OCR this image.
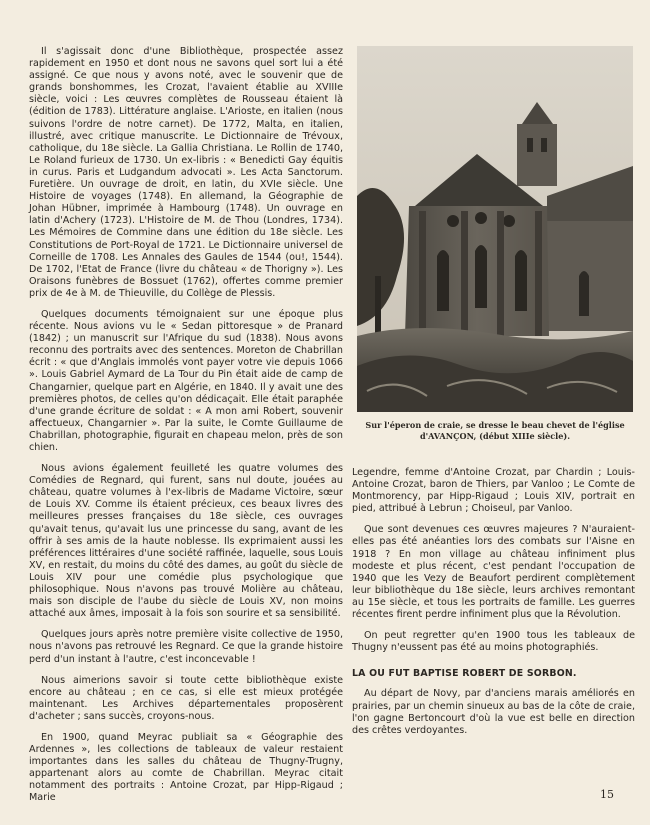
Il s'agissait donc d'une Bibliothèque, prospectée assez rapidement en 1950 et dont nous ne savons quel sort lui a été assigné. Ce que nous y avons noté, avec le souvenir que de grands bonshommes, les Crozat, l'avaient établie au XVIIIe siècle, voici : Les œuvres complètes de Rousseau étaient là (édition de 1783). Littérature anglaise. L'Arioste, en italien (nous suivons l'ordre de notre carnet). De 1772, Malta, en italien, illustré, avec critique manuscrite. Le Dictionnaire de Trévoux, catholique, du 18e siècle. La Gallia Christiana. Le Rollin de 1740, Le Roland furieux de 1730. Un ex-libris : « Benedicti Gay équitis in curus. Paris et Ludgandum advocati ». Les Acta Sanctorum. Furetière. Un ouvrage de droit, en latin, du XVIe siècle. Une Histoire de voyages (1748). En allemand, la Géographie de Johan Hübner, imprimée à Hambourg (1748). Un ouvrage en latin d'Achery (1723). L'Histoire de M. de Thou (Londres, 1734). Les Mémoires de Commine dans une édition du 18e siècle. Les Constitutions de Port-Royal de 1721. Le Dictionnaire universel de Corneille de 1708. Les Annales des Gaules de 1544 (ou!, 1544). De 1702, l'Etat de France (livre du château « de Thorigny »). Les Oraisons funèbres de Bossuet (1762), offertes comme premier prix de 4e à M. de Thieuville, du Collège de Plessis.

Quelques documents témoignaient sur une époque plus récente. Nous avions vu le « Sedan pittoresque » de Pranard (1842) ; un manuscrit sur l'Afrique du sud (1838). Nous avons reconnu des portraits avec des sentences. Moreton de Chabrillan écrit : « que d'Anglais immolés vont payer votre vie depuis 1066 ». Louis Gabriel Aymard de La Tour du Pin était aide de camp de Changarnier, quelque part en Algérie, en 1840. Il y avait une des premières photos, de celles qu'on dédicaçait. Elle était paraphée d'une grande écriture de soldat : « A mon ami Robert, souvenir affectueux, Changarnier ». Par la suite, le Comte Guillaume de Chabrillan, photographie, figurait en chapeau melon, près de son chien.

Nous avions également feuilleté les quatre volumes des Comédies de Regnard, qui furent, sans nul doute, jouées au château, quatre volumes à l'ex-libris de Madame Victoire, sœur de Louis XV. Comme ils étaient précieux, ces beaux livres des meilleures presses françaises du 18e siècle, ces ouvrages qu'avait tenus, qu'avait lus une princesse du sang, avant de les offrir à ses amis de la haute noblesse. Ils exprimaient aussi les préférences littéraires d'une société raffinée, laquelle, sous Louis XV, en restait, du moins du côté des dames, au goût du siècle de Louis XIV pour une comédie plus psychologique que philosophique. Nous n'avons pas trouvé Molière au château, mais son disciple de l'aube du siècle de Louis XV, non moins attaché aux âmes, imposait à la fois son sourire et sa sensibilité.

Quelques jours après notre première visite collective de 1950, nous n'avons pas retrouvé les Regnard. Ce que la grande histoire perd d'un instant à l'autre, c'est inconcevable !

Nous aimerions savoir si toute cette bibliothèque existe encore au château ; en ce cas, si elle est mieux protégée maintenant. Les Archives départementales proposèrent d'acheter ; sans succès, croyons-nous.

En 1900, quand Meyrac publiait sa « Géographie des Ardennes », les collections de tableaux de valeur restaient importantes dans les salles du château de Thugny-Trugny, appartenant alors au comte de Chabrillan. Meyrac citait notamment des portraits : Antoine Crozat, par Hipp-Rigaud ; Marie

Sur l'éperon de craie, se dresse le beau chevet de l'église
d'AVANÇON, (début XIIIe siècle).

Legendre, femme d'Antoine Crozat, par Chardin ; Louis-Antoine Crozat, baron de Thiers, par Vanloo ; Le Comte de Montmorency, par Hipp-Rigaud ; Louis XIV, portrait en pied, attribué à Lebrun ; Choiseul, par Vanloo.

Que sont devenues ces œuvres majeures ? N'auraient-elles pas été anéanties lors des combats sur l'Aisne en 1918 ? En mon village au château infiniment plus modeste et plus récent, c'est pendant l'occupation de 1940 que les Vezy de Beaufort perdirent complètement leur bibliothèque du 18e siècle, leurs archives remontant au 15e siècle, et tous les portraits de famille. Les guerres récentes firent perdre infiniment plus que la Révolution.

On peut regretter qu'en 1900 tous les tableaux de Thugny n'eussent pas été au moins photographiés.

LA OU FUT BAPTISE ROBERT DE SORBON.

Au départ de Novy, par d'anciens marais améliorés en prairies, par un chemin sinueux au bas de la côte de craie, l'on gagne Bertoncourt d'où la vue est belle en direction des crêtes verdoyantes.

15
